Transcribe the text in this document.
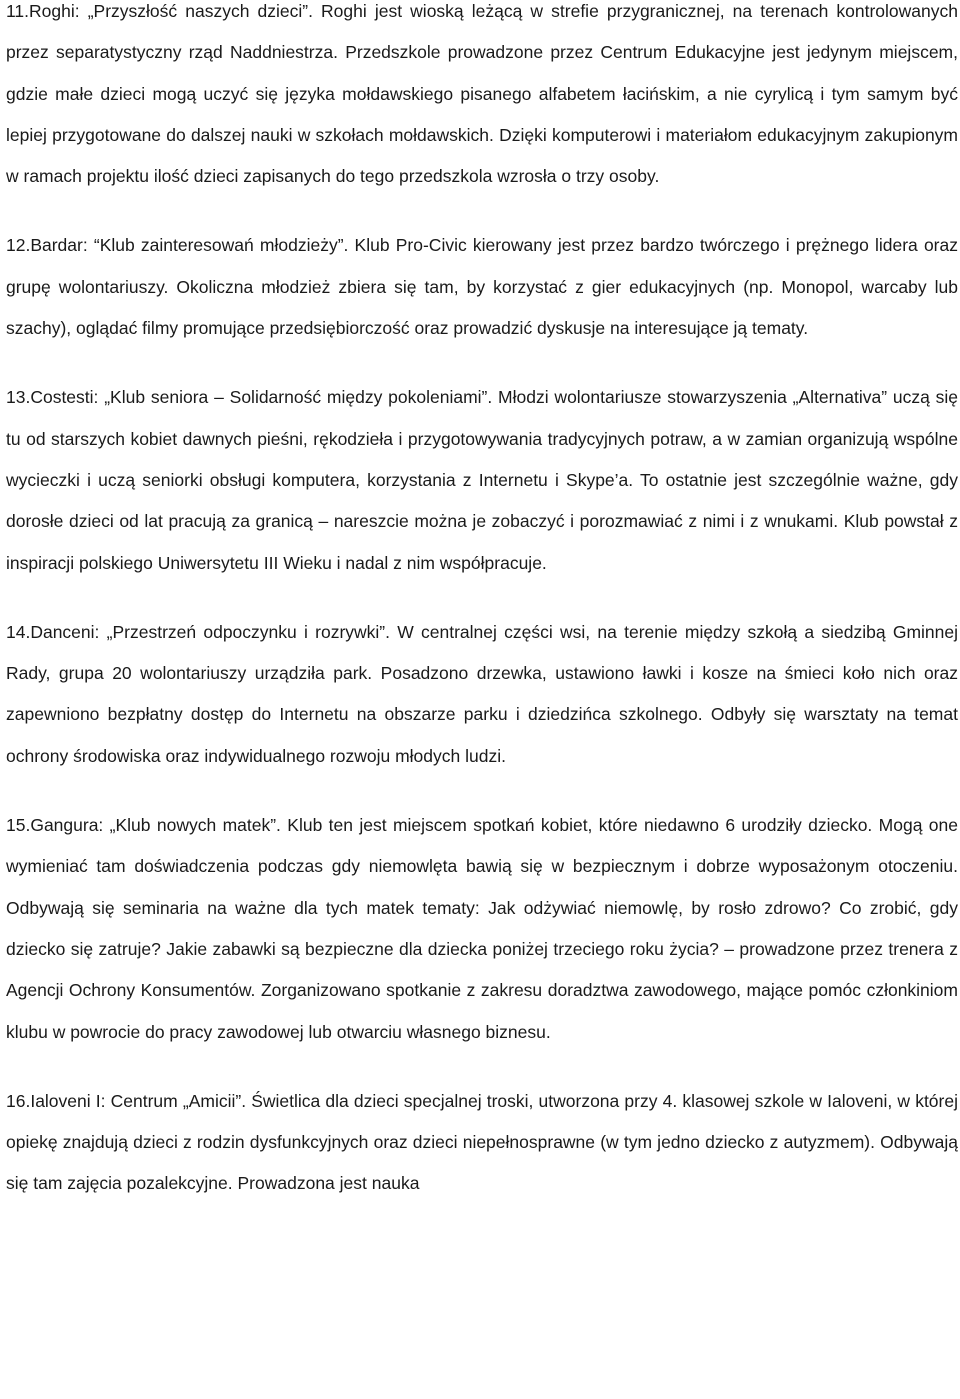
11.Roghi: „Przyszłość naszych dzieci”. Roghi jest wioską leżącą w strefie przygranicznej, na terenach kontrolowanych przez separatystyczny rząd Naddniestrza. Przedszkole prowadzone przez Centrum Edukacyjne jest jedynym miejscem, gdzie małe dzieci mogą uczyć się języka mołdawskiego pisanego alfabetem łacińskim, a nie cyrylicą i tym samym być lepiej przygotowane do dalszej nauki w szkołach mołdawskich. Dzięki komputerowi i materiałom edukacyjnym zakupionym w ramach projektu ilość dzieci zapisanych do tego przedszkola wzrosła o trzy osoby.

12.Bardar: “Klub zainteresowań młodzieży”. Klub Pro-Civic kierowany jest przez bardzo twórczego i prężnego lidera oraz grupę wolontariuszy. Okoliczna młodzież zbiera się tam, by korzystać z gier edukacyjnych (np. Monopol, warcaby lub szachy), oglądać filmy promujące przedsiębiorczość oraz prowadzić dyskusje na interesujące ją tematy.

13.Costesti: „Klub seniora – Solidarność między pokoleniami”. Młodzi wolontariusze stowarzyszenia „Alternativa” uczą się tu od starszych kobiet dawnych pieśni, rękodzieła i przygotowywania tradycyjnych potraw, a w zamian organizują wspólne wycieczki i uczą seniorki obsługi komputera, korzystania z Internetu i Skype’a. To ostatnie jest szczególnie ważne, gdy dorosłe dzieci od lat pracują za granicą – nareszcie można je zobaczyć i porozmawiać z nimi i z wnukami. Klub powstał z inspiracji polskiego Uniwersytetu III Wieku i nadal z nim współpracuje.

14.Danceni: „Przestrzeń odpoczynku i rozrywki”. W centralnej części wsi, na terenie między szkołą a siedzibą Gminnej Rady, grupa 20 wolontariuszy urządziła park. Posadzono drzewka, ustawiono ławki i kosze na śmieci koło nich oraz zapewniono bezpłatny dostęp do Internetu na obszarze parku i dziedzińca szkolnego. Odbyły się warsztaty na temat ochrony środowiska oraz indywidualnego rozwoju młodych ludzi.

15.Gangura: „Klub nowych matek”. Klub ten jest miejscem spotkań kobiet, które niedawno 6 urodziły dziecko. Mogą one wymieniać tam doświadczenia podczas gdy niemowlęta bawią się w bezpiecznym i dobrze wyposażonym otoczeniu. Odbywają się seminaria na ważne dla tych matek tematy: Jak odżywiać niemowlę, by rosło zdrowo? Co zrobić, gdy dziecko się zatruje? Jakie zabawki są bezpieczne dla dziecka poniżej trzeciego roku życia? – prowadzone przez trenera z Agencji Ochrony Konsumentów. Zorganizowano spotkanie z zakresu doradztwa zawodowego, mające pomóc członkiniom klubu w powrocie do pracy zawodowej lub otwarciu własnego biznesu.

16.Ialoveni I: Centrum „Amicii”. Świetlica dla dzieci specjalnej troski, utworzona przy 4. klasowej szkole w Ialoveni, w której opiekę znajdują dzieci z rodzin dysfunkcyjnych oraz dzieci niepełnosprawne (w tym jedno dziecko z autyzmem). Odbywają się tam zajęcia pozalekcyjne. Prowadzona jest nauka
